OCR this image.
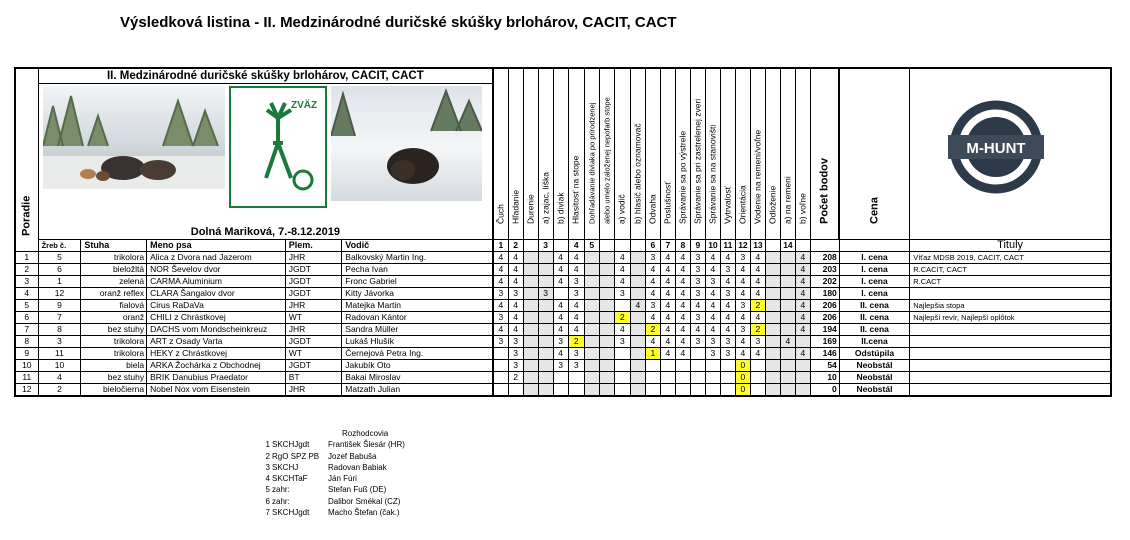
Výsledková listina - II. Medzinárodné duričské skúšky brlohárov, CACIT, CACT
Poradie	II. Medzinárodné duričské skúšky brlohárov, CACIT, CACT					Čuch	Hľadanie	Durenie	a) zajac, líška	b) diviak	Hlasitosť na stope	Dohľadávanie diviaka po prirodzenej	alebo umelo založenej nepofarb stope	a) vodič	b) hlasič alebo oznamovač	Odvaha	Poslušnosť	Správanie sa po výstrele	Správanie sa pri zastrelenej zveri	Správanie sa na stanovišti	Vytrvalosť	Orientácia	Vodenie na remeni/voľne	Odloženie	a) na remeni	b) voľne	Počet bodov	Cena	M-HUNT

ZVÄZ
Dolná Mariková, 7.-8.12.2019																												

	Žreb č.	Stuha	Meno psa	Plem.	Vodič	1	2		3		4	5				6	7	8	9	10	11	12	13		14				Tituly
1	5	trikolora	Alica z Dvora nad Jazerom	JHR	Balkovský Martin Ing.	4	4			4	4			4		3	4	4	3	4	4	3	4			4	208	I. cena	Víťaz MDSB 2019, CACIT, CACT
2	6	bieložltá	NOR Ševelov dvor	JGDT	Pecha Ivan	4	4			4	4			4		4	4	4	3	4	3	4	4			4	203	I. cena	R.CACIT, CACT
3	1	zelená	CARMA Aluminium	JGDT	Fronc Gabriel	4	4			4	3			4		4	4	4	3	3	4	4	4			4	202	I. cena	R.CACT
4	12	oranž reflex	CLARA Šangalov dvor	JGDT	Kitty Jávorka	3	3		3		3			3		4	4	4	3	4	3	4	4			4	180	I. cena	
5	9	fialová	Cirus RaDaVa	JHR	Matejka Martin	4	4			4	4				4	3	4	4	4	4	4	3	2			4	206	II. cena	Najlepšia stopa
6	7	oranž	CHILI z Chrástkovej	WT	Radovan Kántor	3	4			4	4			2		4	4	4	3	4	4	4	4			4	206	II. cena	Najlepší revír, Najlepší oplôtok
7	8	bez stuhy	DACHS vom Mondscheinkreuz	JHR	Sandra Müller	4	4			4	4			4		2	4	4	4	4	4	3	2			4	194	II. cena	
8	3	trikolora	ART z Osady Varta	JGDT	Lukáš Hlušík	3	3			3	2			3		4	4	4	3	3	3	4	3		4		169	II.cena	
9	11	trikolora	HEKY z Chrástkovej	WT	Černejová Petra Ing.		3			4	3					1	4	4		3	3	4	4			4	146	Odstúpila	
10	10	biela	ARKA Žochárka z Obchodnej	JGDT	Jakubík Oto		3			3	3											0					54	Neobstál	
11	4	bez stuhy	BRIK Danubius Praedator	BT	Bakai Miroslav		2															0					10	Neobstál	
12	2	bieločierna	Nobel Nox vom Eisenstein	JHR	Matzath Julian																	0					0	Neobstál	
Rozhodcovia
1 SKCHJgdt	František Šlesár (HR)
2 RgO SPZ PB	Jozef Babuša
3 SKCHJ	Radovan Babiak
4 SKCHTaF	Ján Fúri
5 zahr:	Stefan Fuß (DE)
6 zahr:	Dalibor Smékal (CZ)
7 SKCHJgdt	Macho Štefan (čak.)
